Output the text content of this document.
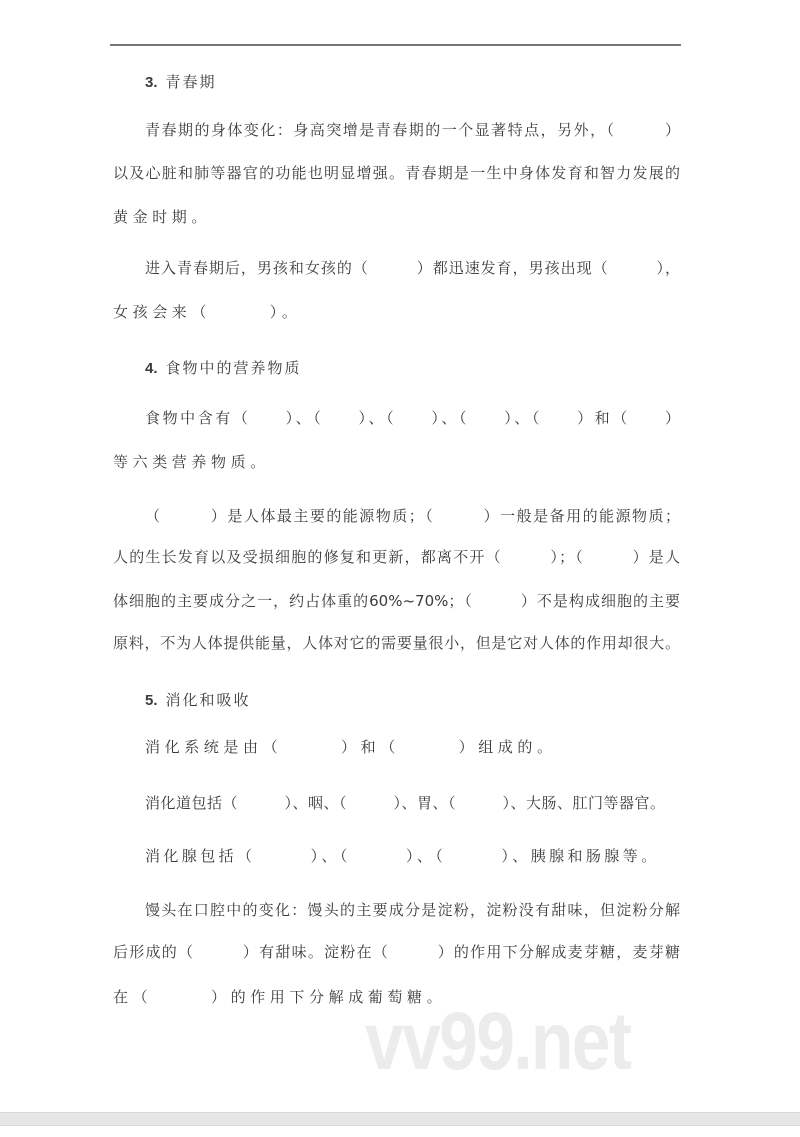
3. 青春期
青春期的身体变化：身高突增是青春期的一个显著特点，另外，（　　　）
以及心脏和肺等器官的功能也明显增强。青春期是一生中身体发育和智力发展的
黄金时期。
进入青春期后，男孩和女孩的（　　　）都迅速发育，男孩出现（　　　），
女孩会来（　　　）。
4. 食物中的营养物质
食物中含有（　　）、（　　）、（　　）、（　　）、（　　）和（　　）
等六类营养物质。
（　　　）是人体最主要的能源物质；（　　　）一般是备用的能源物质；
人的生长发育以及受损细胞的修复和更新，都离不开（　　　）；（　　　）是人
体细胞的主要成分之一，约占体重的60%~70%；（　　　）不是构成细胞的主要
原料，不为人体提供能量，人体对它的需要量很小，但是它对人体的作用却很大。
5. 消化和吸收
消化系统是由（　　　）和（　　　）组成的。
消化道包括（　　　）、咽、（　　　）、胃、（　　　）、大肠、肛门等器官。
消化腺包括（　　　）、（　　　）、（　　　）、胰腺和肠腺等。
馒头在口腔中的变化：馒头的主要成分是淀粉，淀粉没有甜味，但淀粉分解
后形成的（　　　）有甜味。淀粉在（　　　）的作用下分解成麦芽糖，麦芽糖
在（　　　）的作用下分解成葡萄糖。
vv99.net
